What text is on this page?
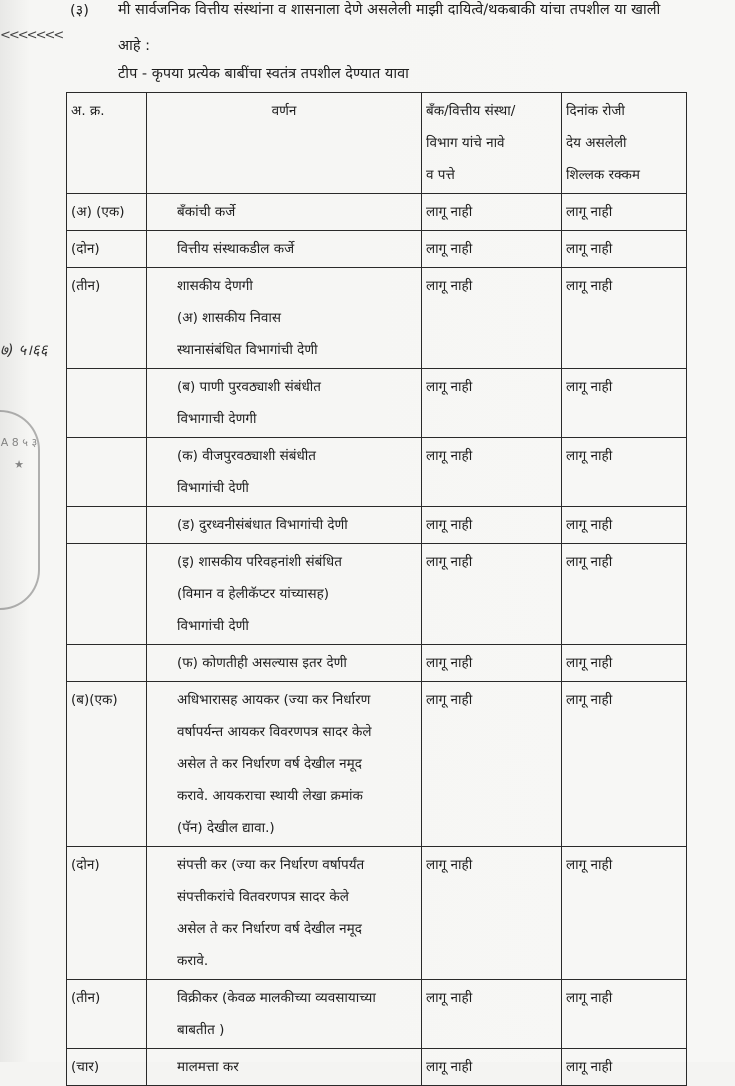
<<<<<<<
७) ५।६६
A 8 ५ ३ ★
(३) मी सार्वजनिक वित्तीय संस्थांना व शासनाला देणे असलेली माझी दायित्वे/थकबाकी यांचा तपशील या खाली
आहे :
टीप - कृपया प्रत्येक बाबींचा स्वतंत्र तपशील देण्यात यावा
अ. क्र.	वर्णन	बँक/वित्तीय संस्था/
विभाग यांचे नावे
व पत्ते	दिनांक रोजी
देय असलेली
शिल्लक रक्कम

(अ) (एक)	बँकांची कर्जे	लागू नाही	लागू नाही
(दोन)	वित्तीय संस्थाकडील कर्जे	लागू नाही	लागू नाही
(तीन)	शासकीय देणगी
(अ) शासकीय निवास
स्थानासंबंधित विभागांची देणी	लागू नाही	लागू नाही

	(ब) पाणी पुरवठ्याशी संबंधीत
विभागाची देणगी	लागू नाही	लागू नाही

	(क) वीजपुरवठ्याशी संबंधीत
विभागांची देणी	लागू नाही	लागू नाही

	(ड) दुरध्वनीसंबंधात विभागांची देणी	लागू नाही	लागू नाही

	(इ) शासकीय परिवहनांशी संबंधित
(विमान व हेलीकॅप्टर यांच्यासह)
विभागांची देणी	लागू नाही	लागू नाही

	(फ) कोणतीही असल्यास इतर देणी	लागू नाही	लागू नाही
(ब)(एक)	अधिभारासह आयकर (ज्या कर निर्धारण
वर्षापर्यन्त आयकर विवरणपत्र सादर केले
असेल ते कर निर्धारण वर्ष देखील नमूद
करावे. आयकराचा स्थायी लेखा क्रमांक
(पॅन) देखील द्यावा.)	लागू नाही	लागू नाही
(दोन)	संपत्ती कर (ज्या कर निर्धारण वर्षापर्यंत
संपत्तीकरांचे वितवरणपत्र सादर केले
असेल ते कर निर्धारण वर्ष देखील नमूद
करावे.	लागू नाही	लागू नाही
(तीन)	विक्रीकर (केवळ मालकीच्या व्यवसायाच्या
बाबतीत )	लागू नाही	लागू नाही
(चार)	मालमत्ता कर	लागू नाही	लागू नाही
